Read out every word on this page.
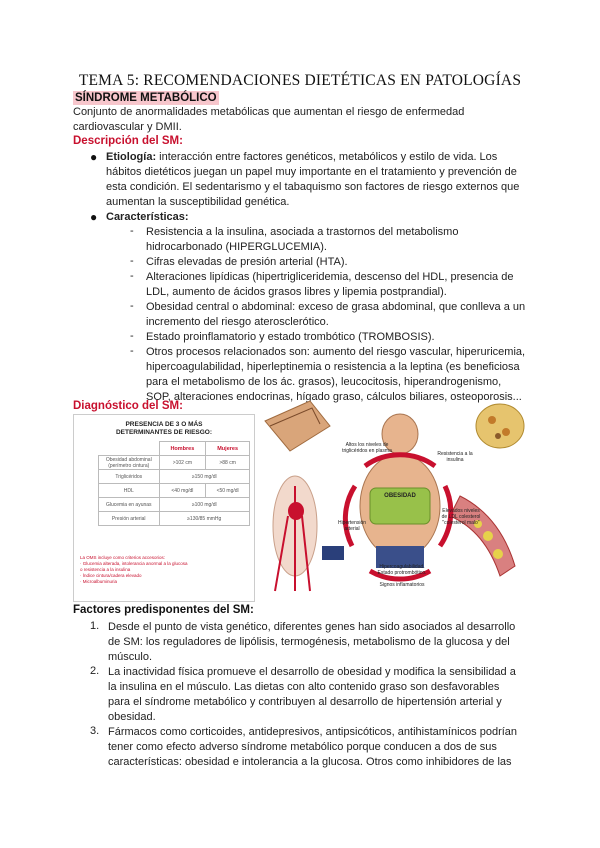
TEMA 5: RECOMENDACIONES DIETÉTICAS EN PATOLOGÍAS
SÍNDROME METABÓLICO
Conjunto de anormalidades metabólicas que aumentan el riesgo de enfermedad
cardiovascular y DMII.
Descripción del SM:
● Etiología: interacción entre factores genéticos, metabólicos y estilo de vida. Los
hábitos dietéticos juegan un papel muy importante en el tratamiento y prevención de
esta condición. El sedentarismo y el tabaquismo son factores de riesgo externos que
aumentan la susceptibilidad genética.
● Características:
- Resistencia a la insulina, asociada a trastornos del metabolismo
hidrocarbonado (HIPERGLUCEMIA).
- Cifras elevadas de presión arterial (HTA).
- Alteraciones lipídicas (hipertrigliceridemia, descenso del HDL, presencia de
LDL, aumento de ácidos grasos libres y lipemia postprandial).
- Obesidad central o abdominal: exceso de grasa abdominal, que conlleva a un
incremento del riesgo aterosclerótico.
- Estado proinflamatorio y estado trombótico (TROMBOSIS).
- Otros procesos relacionados son: aumento del riesgo vascular, hiperuricemia,
hipercoagulabilidad, hiperleptinemia o resistencia a la leptina (es beneficiosa
para el metabolismo de los ác. grasos), leucocitosis, hiperandrogenismo,
SOP, alteraciones endocrinas, hígado graso, cálculos biliares, osteoporosis...
Diagnóstico del SM:
PRESENCIA DE 3 O MÁS
DETERMINANTES DE RIESGO:
	Hombres	Mujeres
Obesidad abdominal (perímetro cintura)	>102 cm	>88 cm
Triglicéridos	≥150 mg/dl	
HDL	<40 mg/dl	<50 mg/dl
Glucemia en ayunas	≥100 mg/dl	
Presión arterial	≥130/85 mmHg	
La OMS incluye como criterios accesorios:
· Glucemia alterada, intolerancia anormal a la glucosa
o resistencia a la insulina
· Índice cintura/cadera elevado
· Microalbuminuria
Altos los niveles de triglicéridos en plasma	Resistencia a la insulina
OBESIDAD
Elevados niveles de LDL colesterol "colesterol malo"
Hipertensión arterial
Hipercoagulabilidad. Estado protrombótico.
Signos inflamatorios
Factores predisponentes del SM:
1. Desde el punto de vista genético, diferentes genes han sido asociados al desarrollo
de SM: los reguladores de lipólisis, termogénesis, metabolismo de la glucosa y del
músculo.
2. La inactividad física promueve el desarrollo de obesidad y modifica la sensibilidad a
la insulina en el músculo. Las dietas con alto contenido graso son desfavorables
para el síndrome metabólico y contribuyen al desarrollo de hipertensión arterial y
obesidad.
3. Fármacos como corticoides, antidepresivos, antipsicóticos, antihistamínicos podrían
tener como efecto adverso síndrome metabólico porque conducen a dos de sus
características: obesidad e intolerancia a la glucosa. Otros como inhibidores de las
